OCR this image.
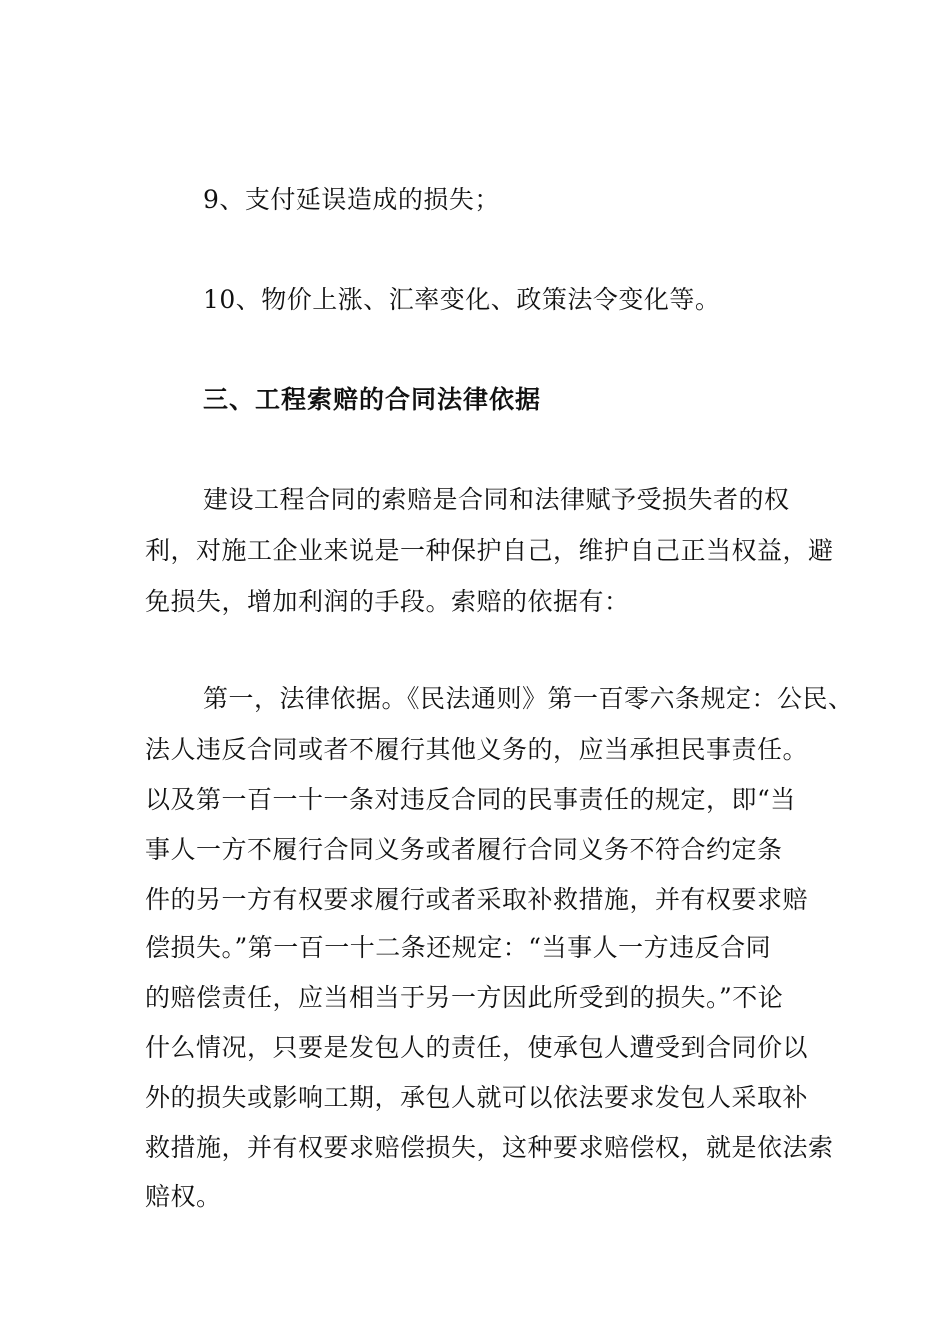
9、支付延误造成的损失；
10、物价上涨、汇率变化、政策法令变化等。
三、工程索赔的合同法律依据
建设工程合同的索赔是合同和法律赋予受损失者的权
利，对施工企业来说是一种保护自己，维护自己正当权益，避
免损失，增加利润的手段。索赔的依据有：
第一，法律依据。《民法通则》第一百零六条规定：公民、
法人违反合同或者不履行其他义务的，应当承担民事责任。
以及第一百一十一条对违反合同的民事责任的规定，即“当
事人一方不履行合同义务或者履行合同义务不符合约定条
件的另一方有权要求履行或者采取补救措施，并有权要求赔
偿损失。”第一百一十二条还规定：“当事人一方违反合同
的赔偿责任，应当相当于另一方因此所受到的损失。”不论
什么情况，只要是发包人的责任，使承包人遭受到合同价以
外的损失或影响工期，承包人就可以依法要求发包人采取补
救措施，并有权要求赔偿损失，这种要求赔偿权，就是依法索
赔权。
